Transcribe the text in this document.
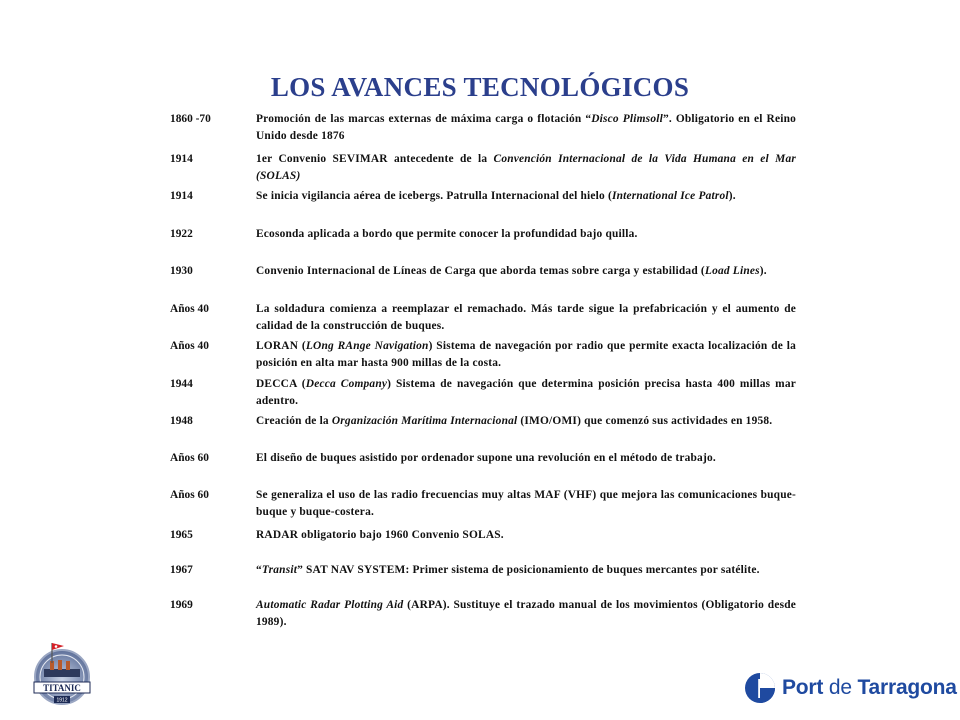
LOS AVANCES TECNOLÓGICOS
1860 -70	Promoción de las marcas externas de máxima carga o flotación “Disco Plimsoll”. Obligatorio en el Reino Unido desde 1876
1914	1er Convenio SEVIMAR antecedente de la Convención Internacional de la Vida Humana en el Mar (SOLAS)
1914	Se inicia vigilancia aérea de icebergs. Patrulla Internacional del hielo (International Ice Patrol).
1922	Ecosonda aplicada a bordo que permite conocer la profundidad bajo quilla.
1930	Convenio Internacional de Líneas de Carga que aborda temas sobre carga y estabilidad (Load Lines).
Años 40	La soldadura comienza a reemplazar el remachado. Más tarde sigue la prefabricación y el aumento de calidad de la construcción de buques.
Años 40	LORAN (LOng RAnge Navigation) Sistema de navegación por radio que permite exacta localización de la posición en alta mar hasta 900 millas de la costa.
1944	DECCA (Decca Company) Sistema de navegación que determina posición precisa hasta 400 millas mar adentro.
1948	Creación de la Organización Marítima Internacional (IMO/OMI) que comenzó sus actividades en 1958.
Años 60	El diseño de buques asistido por ordenador supone una revolución en el método de trabajo.
Años 60	Se generaliza el uso de las radio frecuencias muy altas MAF (VHF) que mejora las comunicaciones buque-buque y buque-costera.
1965	RADAR obligatorio bajo 1960 Convenio SOLAS.
1967	“Transit” SAT NAV SYSTEM: Primer sistema de posicionamiento de buques mercantes por satélite.
1969	Automatic Radar Plotting Aid (ARPA). Sustituye el trazado manual de los movimientos (Obligatorio desde 1989).
TITANIC
1912
Port de Tarragona
